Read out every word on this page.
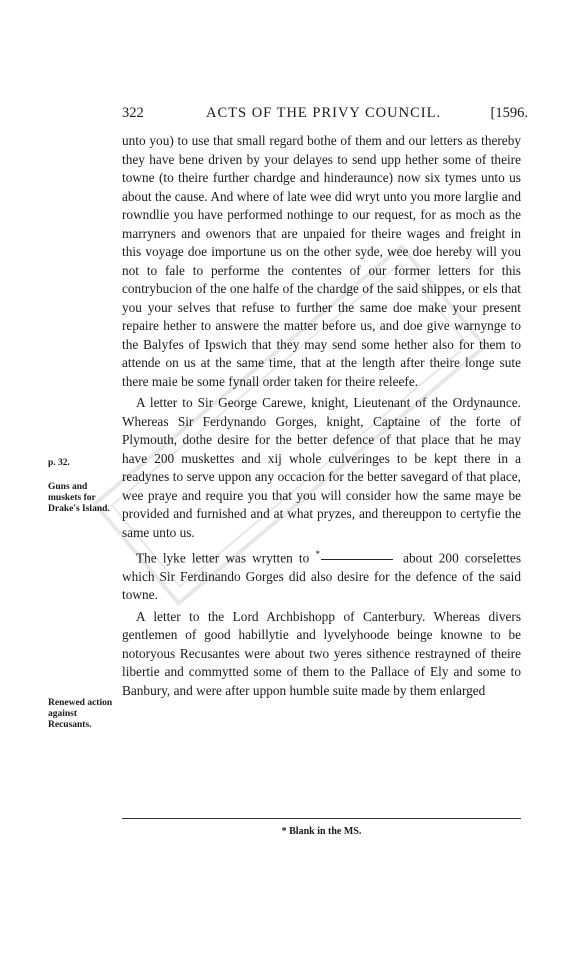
322	ACTS OF THE PRIVY COUNCIL.	[1596.

unto you) to use that small regard bothe of them and our letters as thereby they have bene driven by your delayes to send upp hether some of theire towne (to theire further chardge and hinderaunce) now six tymes unto us about the cause. And where of late wee did wryt unto you more larglie and rowndlie you have performed nothinge to our request, for as moch as the marryners and owenors that are unpaied for theire wages and freight in this voyage doe importune us on the other syde, wee doe hereby will you not to fale to performe the contentes of our former letters for this contrybucion of the one halfe of the chardge of the said shippes, or els that you your selves that refuse to further the same doe make your present repaire hether to answere the matter before us, and doe give warnynge to the Balyfes of Ipswich that they may send some hether also for them to attende on us at the same time, that at the length after theire longe sute there maie be some fynall order taken for theire releefe.

A letter to Sir George Carewe, knight, Lieutenant of the Ordynaunce. Whereas Sir Ferdynando Gorges, knight, Captaine of the forte of Plymouth, dothe desire for the better defence of that place that he may have 200 muskettes and xij whole culveringes to be kept there in a readynes to serve uppon any occacion for the better savegard of that place, wee praye and require you that you will consider how the same maye be provided and furnished and at what pryzes, and thereuppon to certyfie the same unto us.

The lyke letter was wrytten to *	about 200 corselettes which Sir Ferdinando Gorges did also desire for the defence of the said towne.

A letter to the Lord Archbishopp of Canterbury. Whereas divers gentlemen of good habillytie and lyvelyhoode beinge knowne to be notoryous Recusantes were about two yeres sithence restrayned of theire libertie and commytted some of them to the Pallace of Ely and some to Banbury, and were after uppon humble suite made by them enlarged

p. 32.
Guns and muskets for Drake's Island.
Renewed action against Recusants.
* Blank in the MS.
